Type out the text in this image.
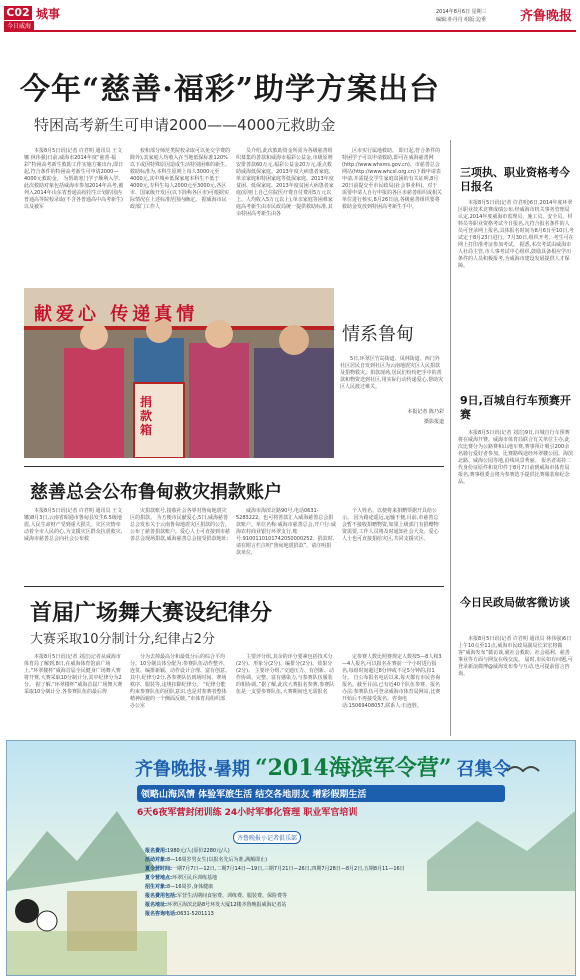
C02 城事
今日威海
2014年8月6日 星期三
编辑:朴丹丹 组版:边垂	齐鲁晚报
今年“慈善·福彩”助学方案出台
特困高考新生可申请2000——4000元救助金

本报8月5日讯(记者 许君明 通讯员 王文娜 林伟强)日前,威海市2014年度“慈善·福彩”特困高考新生救助工作实施方案出台,即日起,符合条件的特困高考新生可申请2000—4000元救助金。 为帮助寒门学子顺利入学,此次救助对象包括威海市参加2014年高考,被列入2014年山东省普通高校招生计划的国内普通高等院校录取(不含各普通高中高考新生)以及被军

校和部分师范类院校录取可以免交学费的除外),其家庭人均收入在当地低保标准120%以下或因特殊原因造成生活特别困难的新生。救助标准为,本科生原则上每人3000元至4000元,其中城乡低保家庭本科生不低于4000元,专科生每人2000元至3000元,各区市、国家级开发区(以下简称各区市)可根据实际情况在上述标准范围内确定。 据威海市民政部门工作人

员介绍,此次救助资金所需为各级慈善组织募集的善款和威海市福彩公益金,市级原则安排善款60万元,福彩公益金20万元,重点救助威海低保家庭。2013年度大病患者家庭、单亲家庭和特困家庭等低保家庭。2013年度贫困、低保家庭、2013年度贫困大病患者家庭(原则上自己住院医疗费自付费用5万元以上、人均收入5万元以上),单亲家庭等困难家庭高考新生由市民政局统一提供救助标准,其余特困高考新生由各

区市实行属地救助。 即日起,符合条件的特困学子可以申请救助,即可在威海慈善网(http://www.whsms.gov.cn)、市慈善总会网站(http://www.whcsl.org.cn)下载申请表申请,并需提交学生家庭贫困的有关证明,8月20日前提交至市民政局(社会事业科)。对于需要申请人自行申报的各区市慈善组织或相关单位进行核实,8月26日前,各级慈善组织要将救助金发放到特困高考新生手中。

献爱心 传递真情
捐款箱
情系鲁甸
5日,环翠区竹岛街道、凤林街道、西门外社区居民自发到社区为云南地震灾区人民捐款及捐物救灾。捐款现场,居民们纷纷把手中的善款和物资送到社区,用实际行动传递爱心,帮助灾区人民渡过难关。
本报记者 陈乃彩
摄影报道
慈善总会公布鲁甸救灾捐款账户

本报8月5日讯(记者 许君明 通讯员 王文娜)8月3日,云南省昭通市鲁甸县发生6.5级地震,人民生命财产受到重大损失。灾区灾情牵动着全市人民的心,为支援灾区群众抗震救灾,威海市慈善总会向社会公布救

灾捐款账号,接收社会各界对鲁甸地震灾区的捐款。 为方便市民献爱心,5日,威海慈善总会发布关于云南鲁甸地震灾区捐款的公告,公布了慈善捐款账户。爱心人士可直接到市慈善总会现场捐款,威海慈善总会接受捐款地址:

威海市海滨北路90号,电话0631-5283222。也可将善款汇入威海慈善总会捐款账户。单位名称:威海市慈善总会,开户行:威海农村商业银行环翠支行,账号:9100110101742050000252。捐款时,请在附言栏注明“鲁甸地震捐款”。请注明捐款单位,

个人姓名。以便将来捐赠票据开具给公示。 因为路途遥远,运输不便,目前,市慈善总会暂不接收捐赠物资,如果上级部门有捐赠物资需要,工作人员将及时通知社会大众。爱心人士也可直接捐给灾区,共同支援灾区。

首届广场舞大赛设纪律分
大赛采取10分制计分,纪律占2分

本报8月5日讯(记者 刘洁)记者从威海市体育局了解到,8日,在威海体育馆前广场上,“环翠楼杯”威海首届全民健身广场舞大赛将开赛,大赛采取10分制计分,其中纪律分为2分。 据了解,“环翠楼杯”威海首届广场舞大赛采取10分制计分,各参赛队伍的最后得

分为去掉最高分和最低分后的综合平均分。10分制具体分配为:参赛队伍动作整齐、连贯、编排新颖、动作设计合理、富有创意。其中,纪律分2分,各参赛队伍到场时间、赛场秩序、服装等,违规扣除纪律分。 “纪律分能约束参赛队伍的团队意识,也是对参赛者整体精神面貌的一个侧面反映。”市体育局组织部办公室

主要评分组,其余的评分要素包括技术分(2分)、形象分(2分)、编排分(2分)、效果分(2分)。 主要评分组,“交通压力、有创新、动作协调、完整、富有感染力,与参赛队伍服装的相协调。”据了解,此次大赛报名参赛,参赛队伍是一支要参赛队伍,大赛期间也无需报名

定参赛人数比照赛规定人数按5—8人和3—4人报名,可以报名在赛前一个小时进行报名,每组时间超过8分钟或不足5分钟的,扣1分。 自公布报名电话以来,每天都有市民咨询报名。截至目前,已有近40个队伍参赛。报名办法:参赛队伍可登录威海市体育局网站,比赛开始后不再接受报名。咨询电话:15069408057,联系人:石连胜。

三项执、职业资格考今日报名
本报8月5日讯(记者 许君明)6日,2014年度环翠区职业技术竞赛成绩公布,经威海市机关事务管理局认定,2014年度威海市监理员、施工员、安全员、材料员等职业资格考试今日报名,凡符合报名条件的人员可登录网上报名,具体报名时间为8月6日至10日,考试定于8月23日进行。7月30日,组织开考。考生可在网上打印准考证参加考试。 据悉,本次考试由威海市人社局主管,市人事考试中心组织,鼓励具备相应学历条件的人员积极报考,为威海市建设发展提供人才保障。
9日,百城自行车预赛开赛
本报8月5日讯(记者 刘洁)9日,百城自行车预赛将在威海开赛。威海市体育局联合有关单位主办,此次比赛分为公路赛和山地车赛,赛事预计吸引200余名骑行爱好者参加。比赛路线途经环翠楼公园、海滨北路、威海公园等地,沿线风景秀丽。 报名者需持二代身份证原件和复印件于8月7日前到威海市体育局报名,赛事组委会将为参赛选手提供比赛服装和纪念品。
今日民政局做客微访谈
本报8月5日讯(记者 许君明 通讯员 林伟强)6日上午10点至11点,威海市民政局副局长宋宏将做客“威海发布”微访谈,就社会救助、社会福利、慈善事业等方面与网友在线交流。 届时,市民如有问题,可登录新浪微博@威海发布参与互动,也可提前留言咨询。
齐鲁晚报·暑期 “2014海滨军令营” 召集令
领略山海风情 体验军旅生活 结交各地朋友 增彩假期生活
6天6夜军营封闭训练 24小时军事化管理 职业军官培训
齐鲁晚报小记者俱乐部
报名费用:1980元/人(原价2280元/人)
活动对象:8—16周岁男女生(以报名先后为准,满额即止)
夏令营时间:一期7月7日—12日,二期7月14日—19日,三期7月21日—26日,四期7月28日—8月2日,五期8月11—16日
夏令营地点:环翠区民兵训练基地
招生对象:8—16周岁,身体健康
报名费用包括:军营生活期间食宿费、训练费、服装费、保险费等
报名地址:环翠区海滨北路8号环发大厦12楼齐鲁晚报威海记者站
报名咨询电话:0631-5201113
